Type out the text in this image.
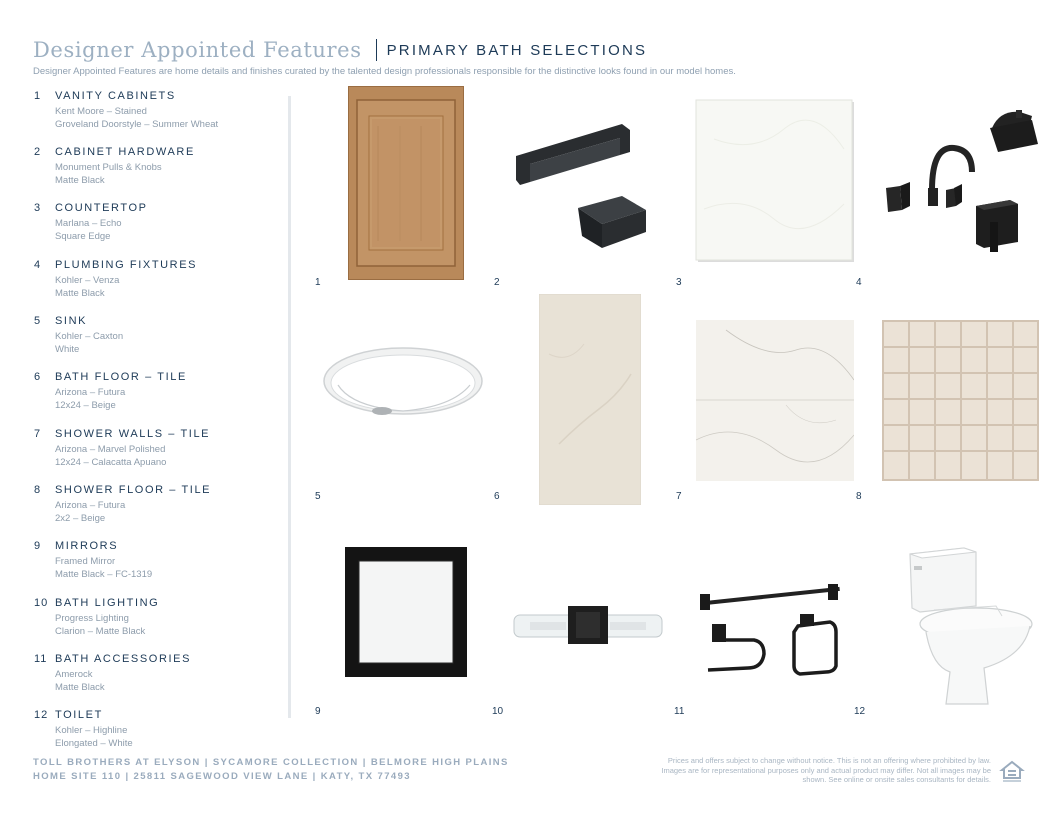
Designer Appointed Features PRIMARY BATH SELECTIONS
Designer Appointed Features are home details and finishes curated by the talented design professionals responsible for the distinctive looks found in our model homes.
1 VANITY CABINETS
Kent Moore – Stained
Groveland Doorstyle – Summer Wheat
2 CABINET HARDWARE
Monument Pulls & Knobs
Matte Black
3 COUNTERTOP
Marlana – Echo
Square Edge
4 PLUMBING FIXTURES
Kohler – Venza
Matte Black
5 SINK
Kohler – Caxton
White
6 BATH FLOOR – TILE
Arizona – Futura
12x24 – Beige
7 SHOWER WALLS – TILE
Arizona – Marvel Polished
12x24 – Calacatta Apuano
8 SHOWER FLOOR – TILE
Arizona – Futura
2x2 – Beige
9 MIRRORS
Framed Mirror
Matte Black – FC-1319
10 BATH LIGHTING
Progress Lighting
Clarion – Matte Black
11 BATH ACCESSORIES
Amerock
Matte Black
12 TOILET
Kohler – Highline
Elongated – White
1	2	3	4
5	6	7	8
9	10	11	12
TOLL BROTHERS AT ELYSON | SYCAMORE COLLECTION | BELMORE HIGH PLAINS
HOME SITE 110 | 25811 SAGEWOOD VIEW LANE | KATY, TX 77493
Prices and offers subject to change without notice. This is not an offering where prohibited by law. Images are for representational purposes only and actual product may differ. Not all images may be shown. See online or onsite sales consultants for details.
